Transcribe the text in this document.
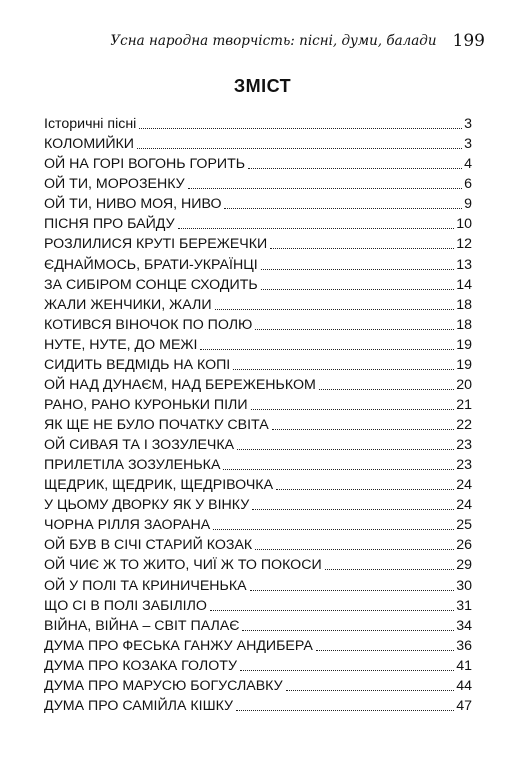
Усна народна творчість: пісні, думи, балади 199
ЗМІСТ
Історичні пісні	3
КОЛОМИЙКИ	3
ОЙ НА ГОРІ ВОГОНЬ ГОРИТЬ	4
ОЙ ТИ, МОРОЗЕНКУ	6
ОЙ ТИ, НИВО МОЯ, НИВО	9
ПІСНЯ ПРО БАЙДУ	10
РОЗЛИЛИСЯ КРУТІ БЕРЕЖЕЧКИ	12
ЄДНАЙМОСЬ, БРАТИ-УКРАЇНЦІ	13
ЗА СИБІРОМ СОНЦЕ СХОДИТЬ	14
ЖАЛИ ЖЕНЧИКИ, ЖАЛИ	18
КОТИВСЯ ВІНОЧОК ПО ПОЛЮ	18
НУТЕ, НУТЕ, ДО МЕЖІ	19
СИДИТЬ ВЕДМІДЬ НА КОПІ	19
ОЙ НАД ДУНАЄМ, НАД БЕРЕЖЕНЬКОМ	20
РАНО, РАНО КУРОНЬКИ ПІЛИ	21
ЯК ЩЕ НЕ БУЛО ПОЧАТКУ СВІТА	22
ОЙ СИВАЯ ТА І ЗОЗУЛЕЧКА	23
ПРИЛЕТІЛА ЗОЗУЛЕНЬКА	23
ЩЕДРИК, ЩЕДРИК, ЩЕДРІВОЧКА	24
У ЦЬОМУ ДВОРКУ ЯК У ВІНКУ	24
ЧОРНА РІЛЛЯ ЗАОРАНА	25
ОЙ БУВ В СІЧІ СТАРИЙ КОЗАК	26
ОЙ ЧИЄ Ж ТО ЖИТО, ЧИЇ Ж ТО ПОКОСИ	29
ОЙ У ПОЛІ ТА КРИНИЧЕНЬКА	30
ЩО СІ В ПОЛІ ЗАБІЛІЛО	31
ВІЙНА, ВІЙНА – СВІТ ПАЛАЄ	34
ДУМА ПРО ФЕСЬКА ГАНЖУ АНДИБЕРА	36
ДУМА ПРО КОЗАКА ГОЛОТУ	41
ДУМА ПРО МАРУСЮ БОГУСЛАВКУ	44
ДУМА ПРО САМІЙЛА КІШКУ	47
